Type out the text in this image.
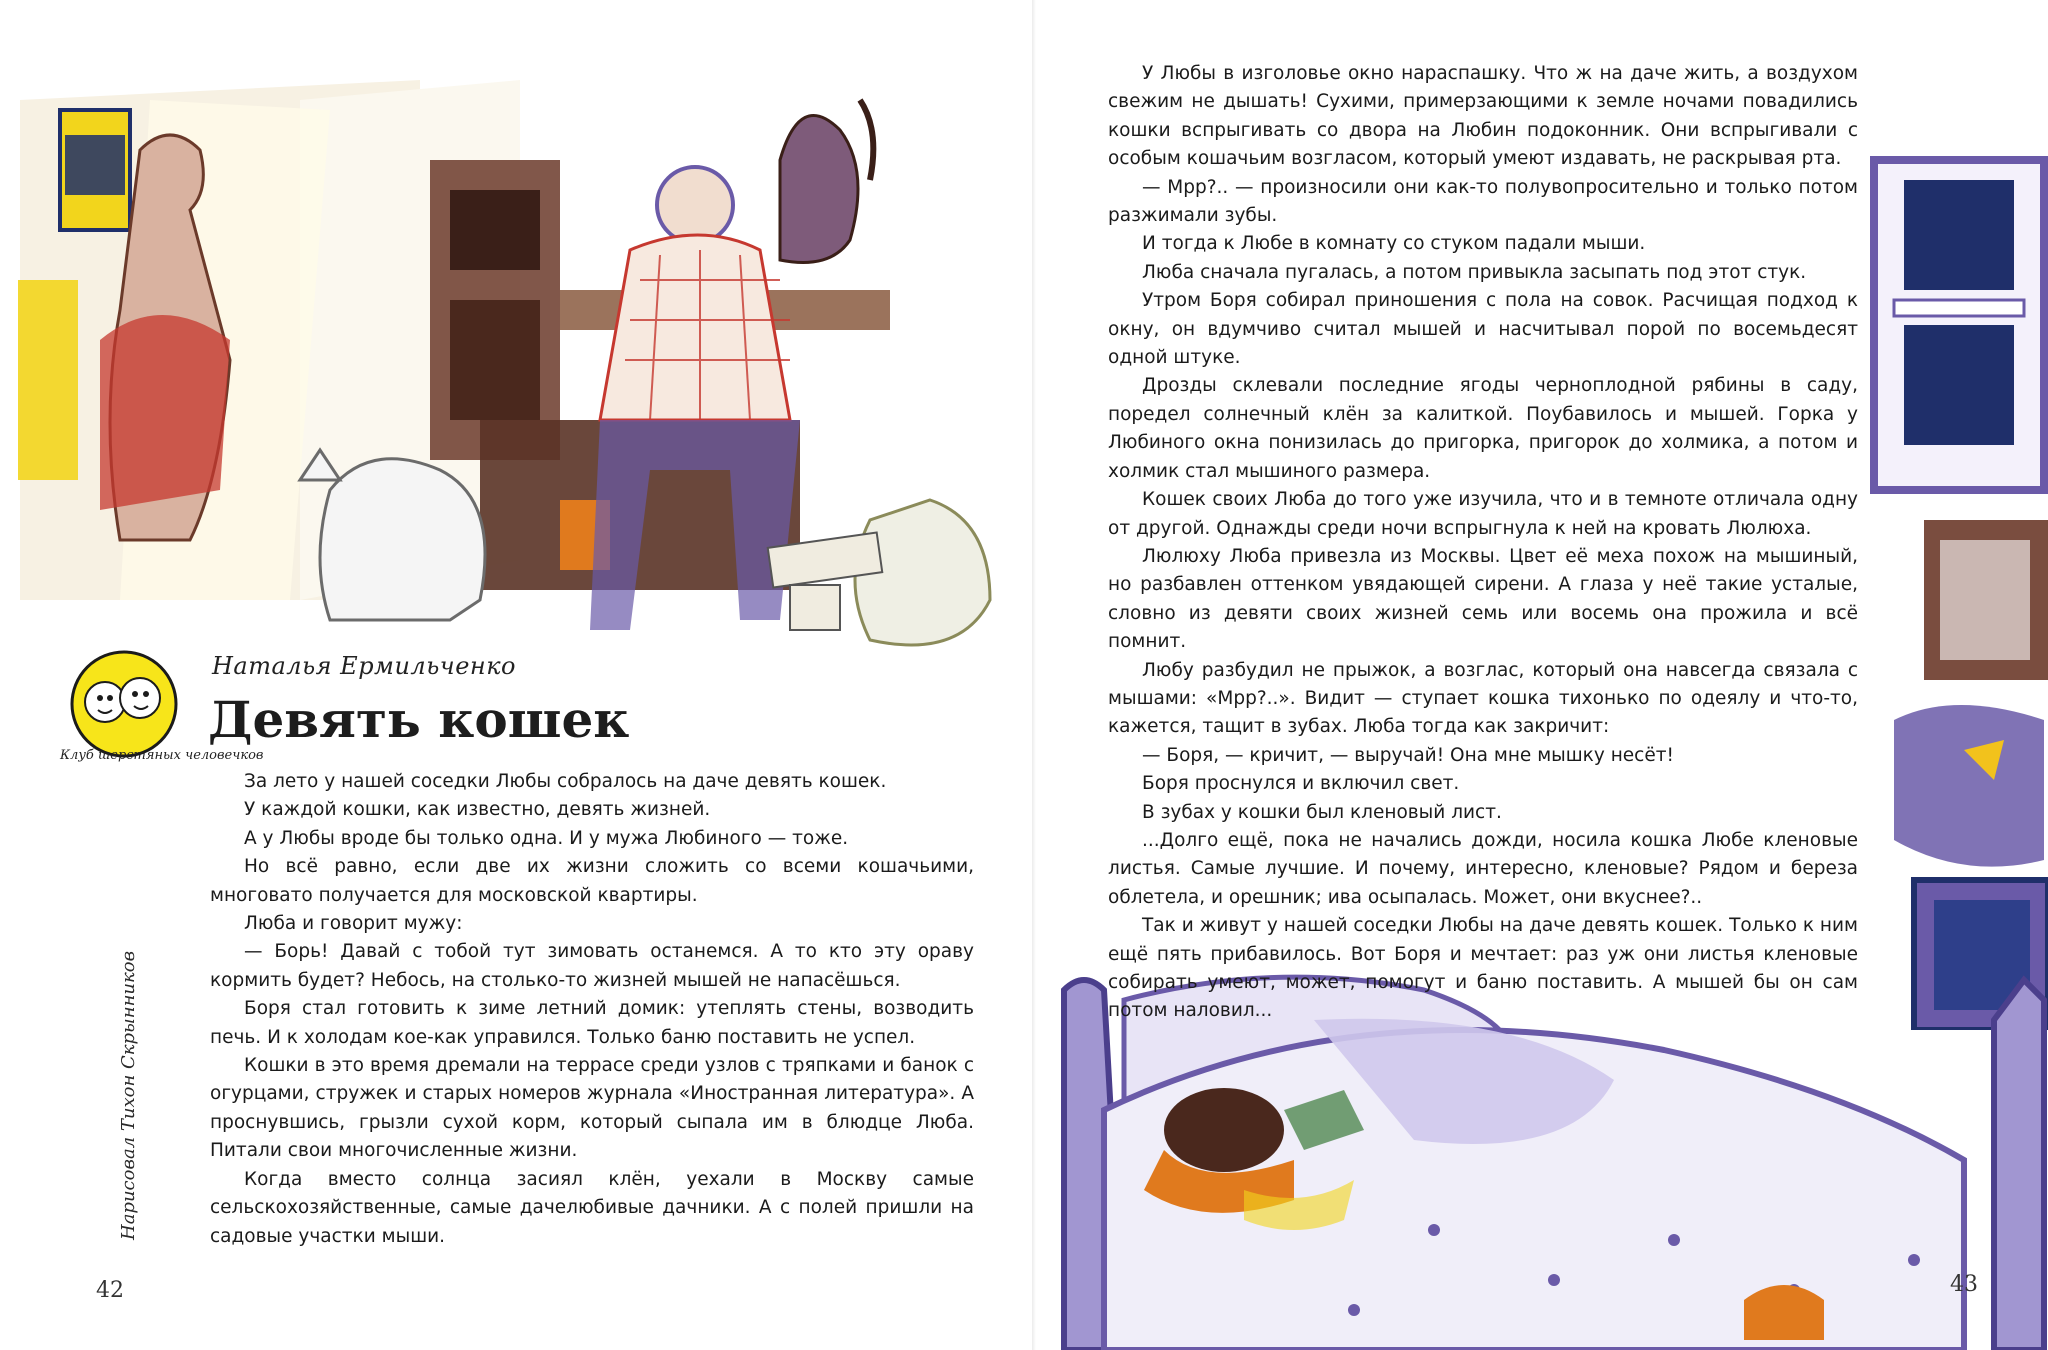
Клуб шерстяных человечков
Наталья Ермильченко
Девять кошек
Нарисовал Тихон Скрынников

За лето у нашей соседки Любы собралось на даче девять кошек.

У каждой кошки, как известно, девять жизней.

А у Любы вроде бы только одна. И у мужа Любиного — тоже.

Но всё равно, если две их жизни сложить со всеми кошачьими, многовато получается для московской квартиры.

Люба и говорит мужу:

— Борь! Давай с тобой тут зимовать останемся. А то кто эту ораву кормить будет? Небось, на столько-то жизней мышей не напасёшься.

Боря стал готовить к зиме летний домик: утеплять стены, возводить печь. И к холодам кое-как управился. Только баню поставить не успел.

Кошки в это время дремали на террасе среди узлов с тряпками и банок с огурцами, стружек и старых номеров журнала «Иностранная литература». А проснувшись, грызли сухой корм, который сыпала им в блюдце Люба. Питали свои многочисленные жизни.

Когда вместо солнца засиял клён, уехали в Москву самые сельскохозяйственные, самые дачелюбивые дачники. А с полей пришли на садовые участки мыши.

42

У Любы в изголовье окно нараспашку. Что ж на даче жить, а воздухом свежим не дышать! Сухими, примерзающими к земле ночами повадились кошки вспрыгивать со двора на Любин подоконник. Они вспрыгивали с особым кошачьим возгласом, который умеют издавать, не раскрывая рта.

— Мрр?.. — произносили они как-то полувопросительно и только потом разжимали зубы.

И тогда к Любе в комнату со стуком падали мыши.

Люба сначала пугалась, а потом привыкла засыпать под этот стук.

Утром Боря собирал приношения с пола на совок. Расчищая подход к окну, он вдумчиво считал мышей и насчитывал порой по восемьдесят одной штуке.

Дрозды склевали последние ягоды черноплодной рябины в саду, поредел солнечный клён за калиткой. Поубавилось и мышей. Горка у Любиного окна понизилась до пригорка, пригорок до холмика, а потом и холмик стал мышиного размера.

Кошек своих Люба до того уже изучила, что и в темноте отличала одну от другой. Однажды среди ночи вспрыгнула к ней на кровать Люлюха.

Люлюху Люба привезла из Москвы. Цвет её меха похож на мышиный, но разбавлен оттенком увядающей сирени. А глаза у неё такие усталые, словно из девяти своих жизней семь или восемь она прожила и всё помнит.

Любу разбудил не прыжок, а возглас, который она навсегда связала с мышами: «Мрр?..». Видит — ступает кошка тихонько по одеялу и что-то, кажется, тащит в зубах. Люба тогда как закричит:

— Боря, — кричит, — выручай! Она мне мышку несёт!

Боря проснулся и включил свет.

В зубах у кошки был кленовый лист.

...Долго ещё, пока не начались дожди, носила кошка Любе кленовые листья. Самые лучшие. И почему, интересно, кленовые? Рядом и береза облетела, и орешник; ива осыпалась. Может, они вкуснее?..

Так и живут у нашей соседки Любы на даче девять кошек. Только к ним ещё пять прибавилось. Вот Боря и мечтает: раз уж они листья кленовые собирать умеют, может, помогут и баню поставить. А мышей бы он сам потом наловил...

43
